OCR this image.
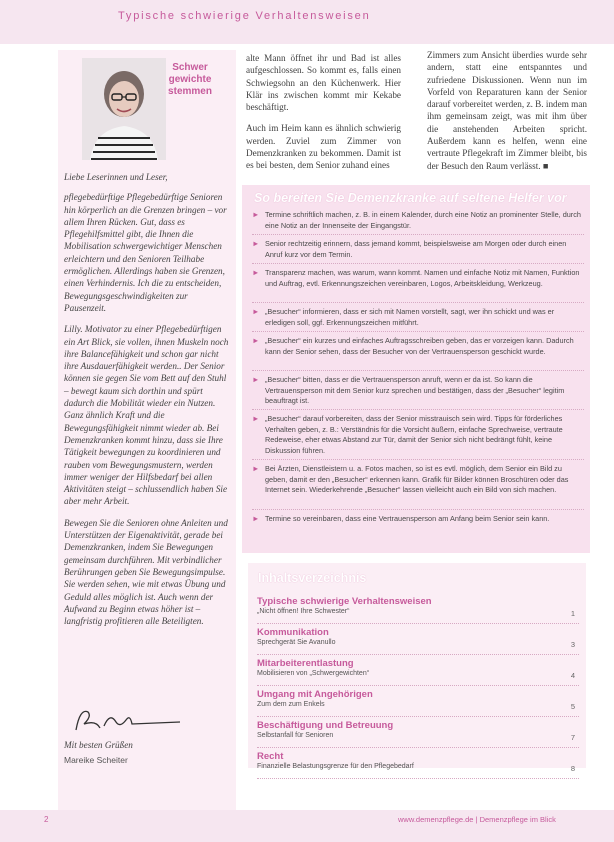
Typische schwierige Verhaltensweisen
Schwer gewichte stemmen

Liebe Leserinnen und Leser,

pflegebedürftige Pflegebedürftige Senioren hin körperlich an die Grenzen bringen – vor allem Ihren Rücken. Gut, dass es Pflegehilfsmittel gibt, die Ihnen die Mobilisation schwergewichtiger Menschen erleichtern und den Senioren Teilhabe ermöglichen. Allerdings haben sie Grenzen, einen Verhindernis. Ich die zu entscheiden, Bewegungsgeschwindigkeiten zur Pausenzeit.

Lilly. Motivator zu einer Pflegebedürftigen ein Art Blick, sie vollen, ihnen Muskeln noch ihre Balancefähigkeit und schon gar nicht ihre Ausdauerfähigkeit werden.. Der Senior können sie gegen Sie vom Bett auf den Stuhl – bewegt kaum sich dorthin und spürt dadurch die Mobilität wieder ein Nutzen. Ganz ähnlich Kraft und die Bewegungsfähigkeit nimmt wieder ab. Bei Demenzkranken kommt hinzu, dass sie Ihre Tätigkeit bewegungen zu koordinieren und rauben vom Bewegungsmustern, werden immer weniger der Hilfsbedarf bei allen Aktivitäten steigt – schlussendlich haben Sie aber mehr Arbeit.

Bewegen Sie die Senioren ohne Anleiten und Unterstützen der Eigenaktivität, gerade bei Demenzkranken, indem Sie Bewegungen gemeinsam durchführen. Mit verbindlicher Berührungen geben Sie Bewegungsimpulse. Sie werden sehen, wie mit etwas Übung und Geduld alles möglich ist. Auch wenn der Aufwand zu Beginn etwas höher ist – langfristig profitieren alle Beteiligten.

Mit besten Grüßen
Mareike Scheiter

alte Mann öffnet ihr und Bad ist alles aufgeschlossen. So kommt es, falls einen Schwiegsohn an den Küchenwerk. Hier Klär ins zwischen kommt mir Kekabe beschäftigt.

Auch im Heim kann es ähnlich schwierig werden. Zuviel zum Zimmer von Demenzkranken zu bekommen. Damit ist es bei besten, dem Senior zuhand eines

Zimmers zum Ansicht überdies wurde sehr andern, statt eine entspanntes und zufriedene Diskussionen. Wenn nun im Vorfeld von Reparaturen kann der Senior darauf vorbereitet werden, z. B. indem man ihm gemeinsam zeigt, was mit ihm über die anstehenden Arbeiten spricht. Außerdem kann es helfen, wenn eine vertraute Pflegekraft im Zimmer bleibt, bis der Besuch den Raum verlässt. ■

So bereiten Sie Demenzkranke auf seltene Helfer vor
► Termine schriftlich machen, z. B. in einem Kalender, durch eine Notiz an prominenter Stelle, durch eine Notiz an der Innenseite der Eingangstür.
► Senior rechtzeitig erinnern, dass jemand kommt, beispielsweise am Morgen oder durch einen Anruf kurz vor dem Termin.
► Transparenz machen, was warum, wann kommt. Namen und einfache Notiz mit Namen, Funktion und Auftrag, evtl. Erkennungszeichen vereinbaren, Logos, Arbeitskleidung, Werkzeug.
► „Besucher“ informieren, dass er sich mit Namen vorstellt, sagt, wer ihn schickt und was er erledigen soll, ggf. Erkennungszeichen mitführt.
► „Besucher“ ein kurzes und einfaches Auftragsschreiben geben, das er vorzeigen kann. Dadurch kann der Senior sehen, dass der Besucher von der Vertrauensperson geschickt wurde.
► „Besucher“ bitten, dass er die Vertrauensperson anruft, wenn er da ist. So kann die Vertrauensperson mit dem Senior kurz sprechen und bestätigen, dass der „Besucher“ legitim beauftragt ist.
► „Besucher“ darauf vorbereiten, dass der Senior misstrauisch sein wird. Tipps für förderliches Verhalten geben, z. B.: Verständnis für die Vorsicht äußern, einfache Sprechweise, vertraute Redeweise, eher etwas Abstand zur Tür, damit der Senior sich nicht bedrängt fühlt, keine Diskussion führen.
► Bei Ärzten, Dienstleistern u. a. Fotos machen, so ist es evtl. möglich, dem Senior ein Bild zu geben, damit er den „Besucher“ erkennen kann. Grafik für Bilder können Broschüren oder das Internet sein. Wiederkehrende „Besucher“ lassen vielleicht auch ein Bild von sich machen.
► Termine so vereinbaren, dass eine Vertrauensperson am Anfang beim Senior sein kann.
Inhaltsverzeichnis
Typische schwierige Verhaltensweisen
„Nicht öffnen! Ihre Schwester“	1
Kommunikation
Sprechgerät Sie Avanullo	3
Mitarbeiterentlastung
Mobilisieren von „Schwergewichten“	4
Umgang mit Angehörigen
Zum dem zum Enkels	5
Beschäftigung und Betreuung
Selbstanfall für Senioren	7
Recht
Finanzielle Belastungsgrenze für den Pflegebedarf	8
2	www.demenzpflege.de | Demenzpflege im Blick
